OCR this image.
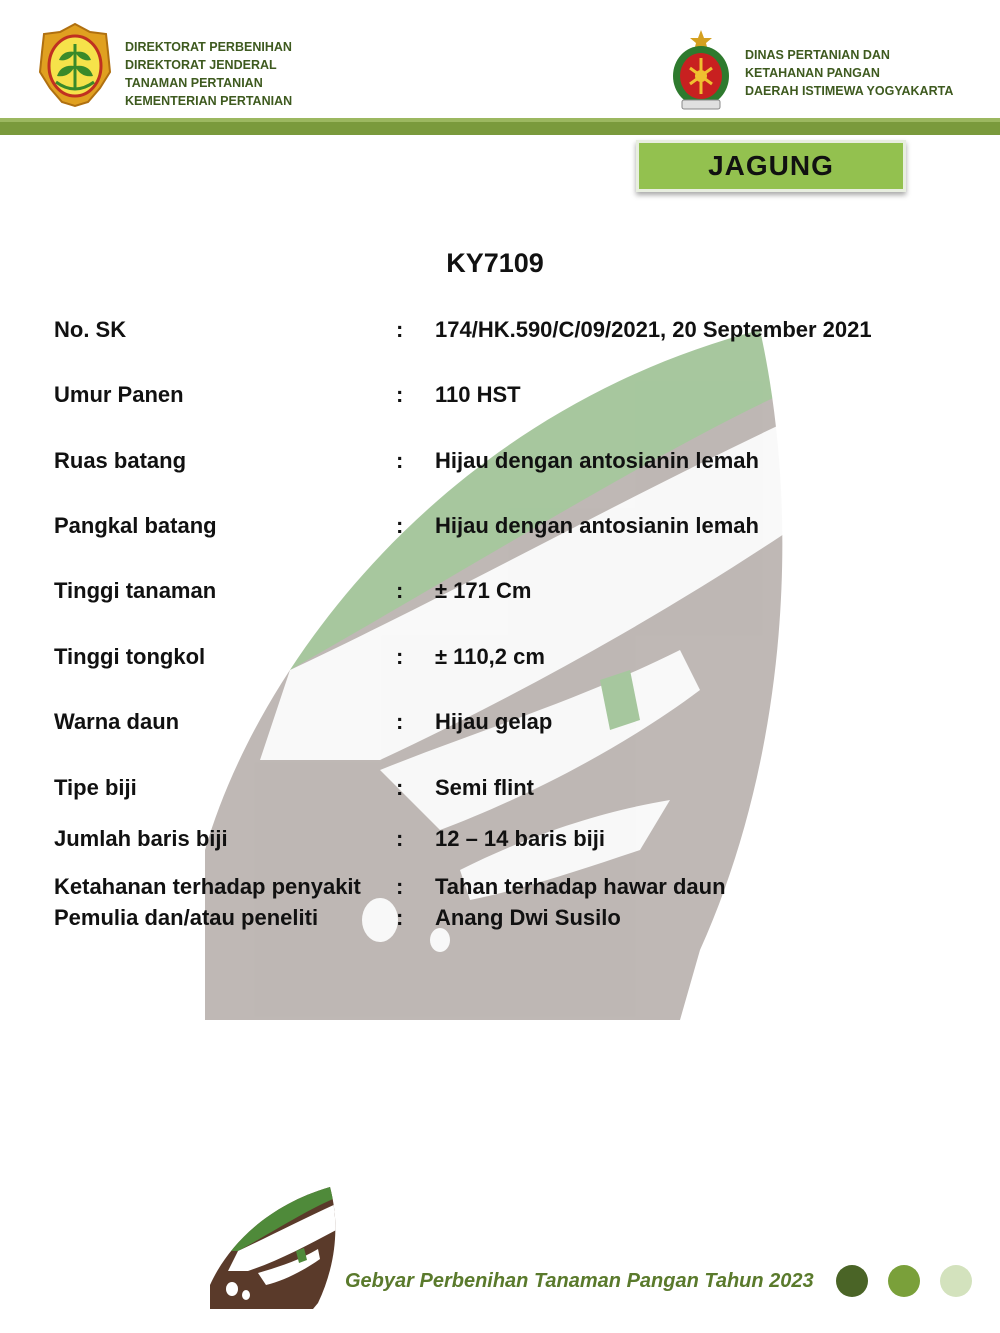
DIREKTORAT PERBENIHAN
DIREKTORAT JENDERAL
TANAMAN PERTANIAN
KEMENTERIAN PERTANIAN
DINAS PERTANIAN DAN
KETAHANAN PANGAN
DAERAH ISTIMEWA YOGYAKARTA
JAGUNG
KY7109
No. SK	: 174/HK.590/C/09/2021, 20 September 2021
Umur Panen	: 110 HST
Ruas batang	: Hijau dengan antosianin lemah
Pangkal batang	: Hijau dengan antosianin lemah
Tinggi tanaman	: ± 171 Cm
Tinggi tongkol	: ± 110,2 cm
Warna daun	: Hijau gelap
Tipe biji	: Semi flint
Jumlah baris biji	: 12 – 14 baris biji
Ketahanan terhadap penyakit : Tahan terhadap hawar daun
Pemulia dan/atau peneliti	: Anang Dwi Susilo
Gebyar Perbenihan Tanaman Pangan Tahun 2023
